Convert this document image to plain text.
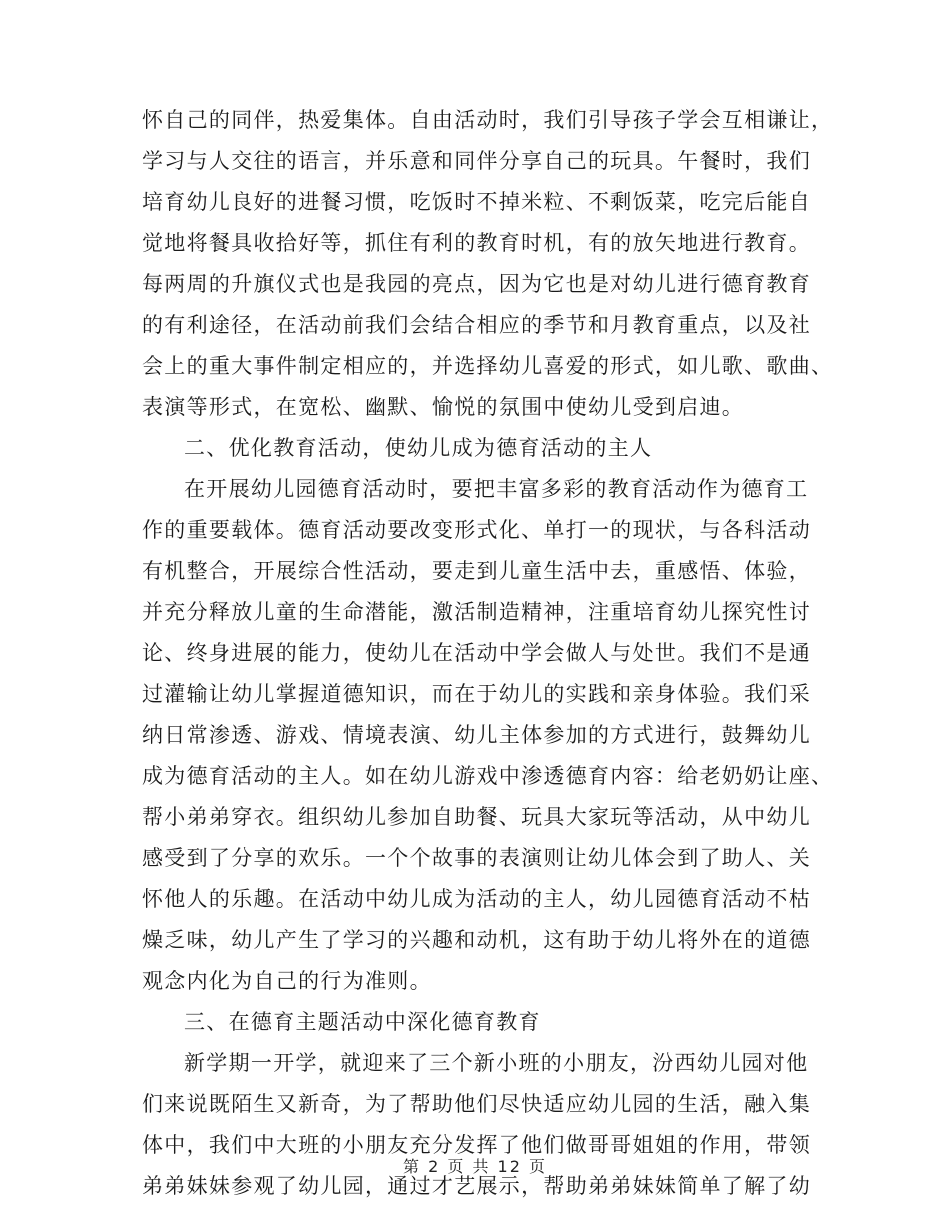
怀自己的同伴，热爱集体。自由活动时，我们引导孩子学会互相谦让，
学习与人交往的语言，并乐意和同伴分享自己的玩具。午餐时，我们
培育幼儿良好的进餐习惯，吃饭时不掉米粒、不剩饭菜，吃完后能自
觉地将餐具收拾好等，抓住有利的教育时机，有的放矢地进行教育。
每两周的升旗仪式也是我园的亮点，因为它也是对幼儿进行德育教育
的有利途径，在活动前我们会结合相应的季节和月教育重点，以及社
会上的重大事件制定相应的，并选择幼儿喜爱的形式，如儿歌、歌曲、
表演等形式，在宽松、幽默、愉悦的氛围中使幼儿受到启迪。
二、优化教育活动，使幼儿成为德育活动的主人
在开展幼儿园德育活动时，要把丰富多彩的教育活动作为德育工
作的重要载体。德育活动要改变形式化、单打一的现状，与各科活动
有机整合，开展综合性活动，要走到儿童生活中去，重感悟、体验，
并充分释放儿童的生命潜能，激活制造精神，注重培育幼儿探究性讨
论、终身进展的能力，使幼儿在活动中学会做人与处世。我们不是通
过灌输让幼儿掌握道德知识，而在于幼儿的实践和亲身体验。我们采
纳日常渗透、游戏、情境表演、幼儿主体参加的方式进行，鼓舞幼儿
成为德育活动的主人。如在幼儿游戏中渗透德育内容：给老奶奶让座、
帮小弟弟穿衣。组织幼儿参加自助餐、玩具大家玩等活动，从中幼儿
感受到了分享的欢乐。一个个故事的表演则让幼儿体会到了助人、关
怀他人的乐趣。在活动中幼儿成为活动的主人，幼儿园德育活动不枯
燥乏味，幼儿产生了学习的兴趣和动机，这有助于幼儿将外在的道德
观念内化为自己的行为准则。
三、在德育主题活动中深化德育教育
新学期一开学，就迎来了三个新小班的小朋友，汾西幼儿园对他
们来说既陌生又新奇，为了帮助他们尽快适应幼儿园的生活，融入集
体中，我们中大班的小朋友充分发挥了他们做哥哥姐姐的作用，带领
弟弟妹妹参观了幼儿园，通过才艺展示，帮助弟弟妹妹简单了解了幼
第 2 页 共 12 页
